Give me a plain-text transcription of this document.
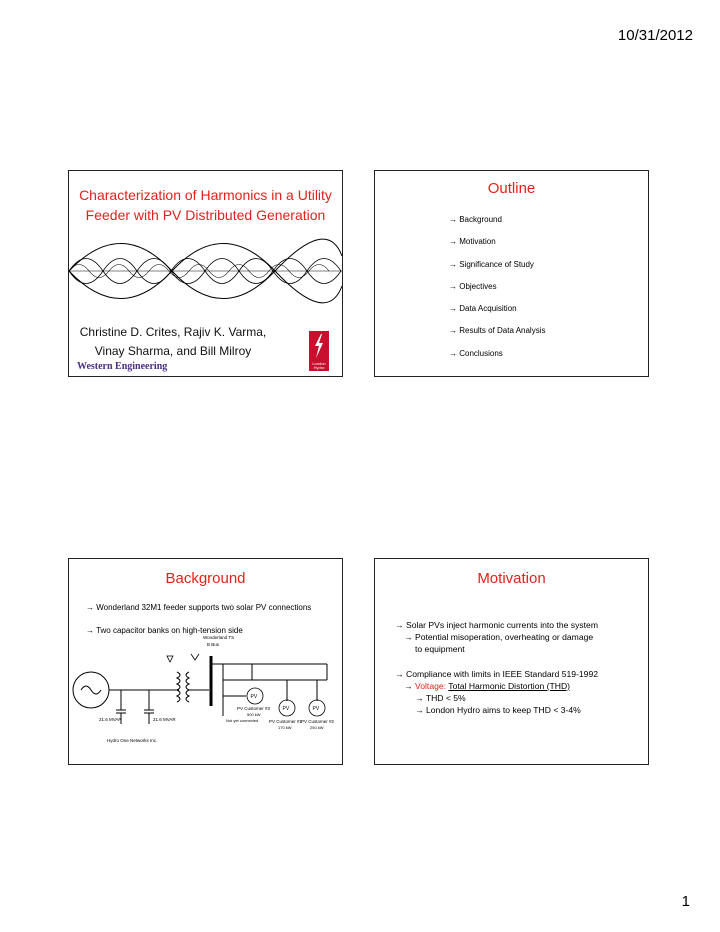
10/31/2012
Characterization of Harmonics in a Utility
Feeder with PV Distributed Generation
Christine D. Crites, Rajiv K. Varma,
Vinay Sharma, and Bill Milroy
Western Engineering	London Hydro
Outline
→ Background
→ Motivation
→ Significance of Study
→ Objectives
→ Data Acquisition
→ Results of Data Analysis
→ Conclusions
Background
→ Wonderland 32M1 feeder supports two solar PV connections
→ Two capacitor banks on high-tension side
21.6 MVAR	21.6 MVAR
Hydro One Networks Inc.
Wonderland TS
B Bus
PV
PV	PV
PV Customer #3
500 kW
Not yet connected PV Customer #1
170 kW
PV Customer #2
250 kW
Motivation
→ Solar PVs inject harmonic currents into the system
→ Potential misoperation, overheating or damage
to equipment
→ Compliance with limits in IEEE Standard 519-1992
→ Voltage: Total Harmonic Distortion (THD)
→ THD < 5%
→ London Hydro aims to keep THD < 3-4%
1
